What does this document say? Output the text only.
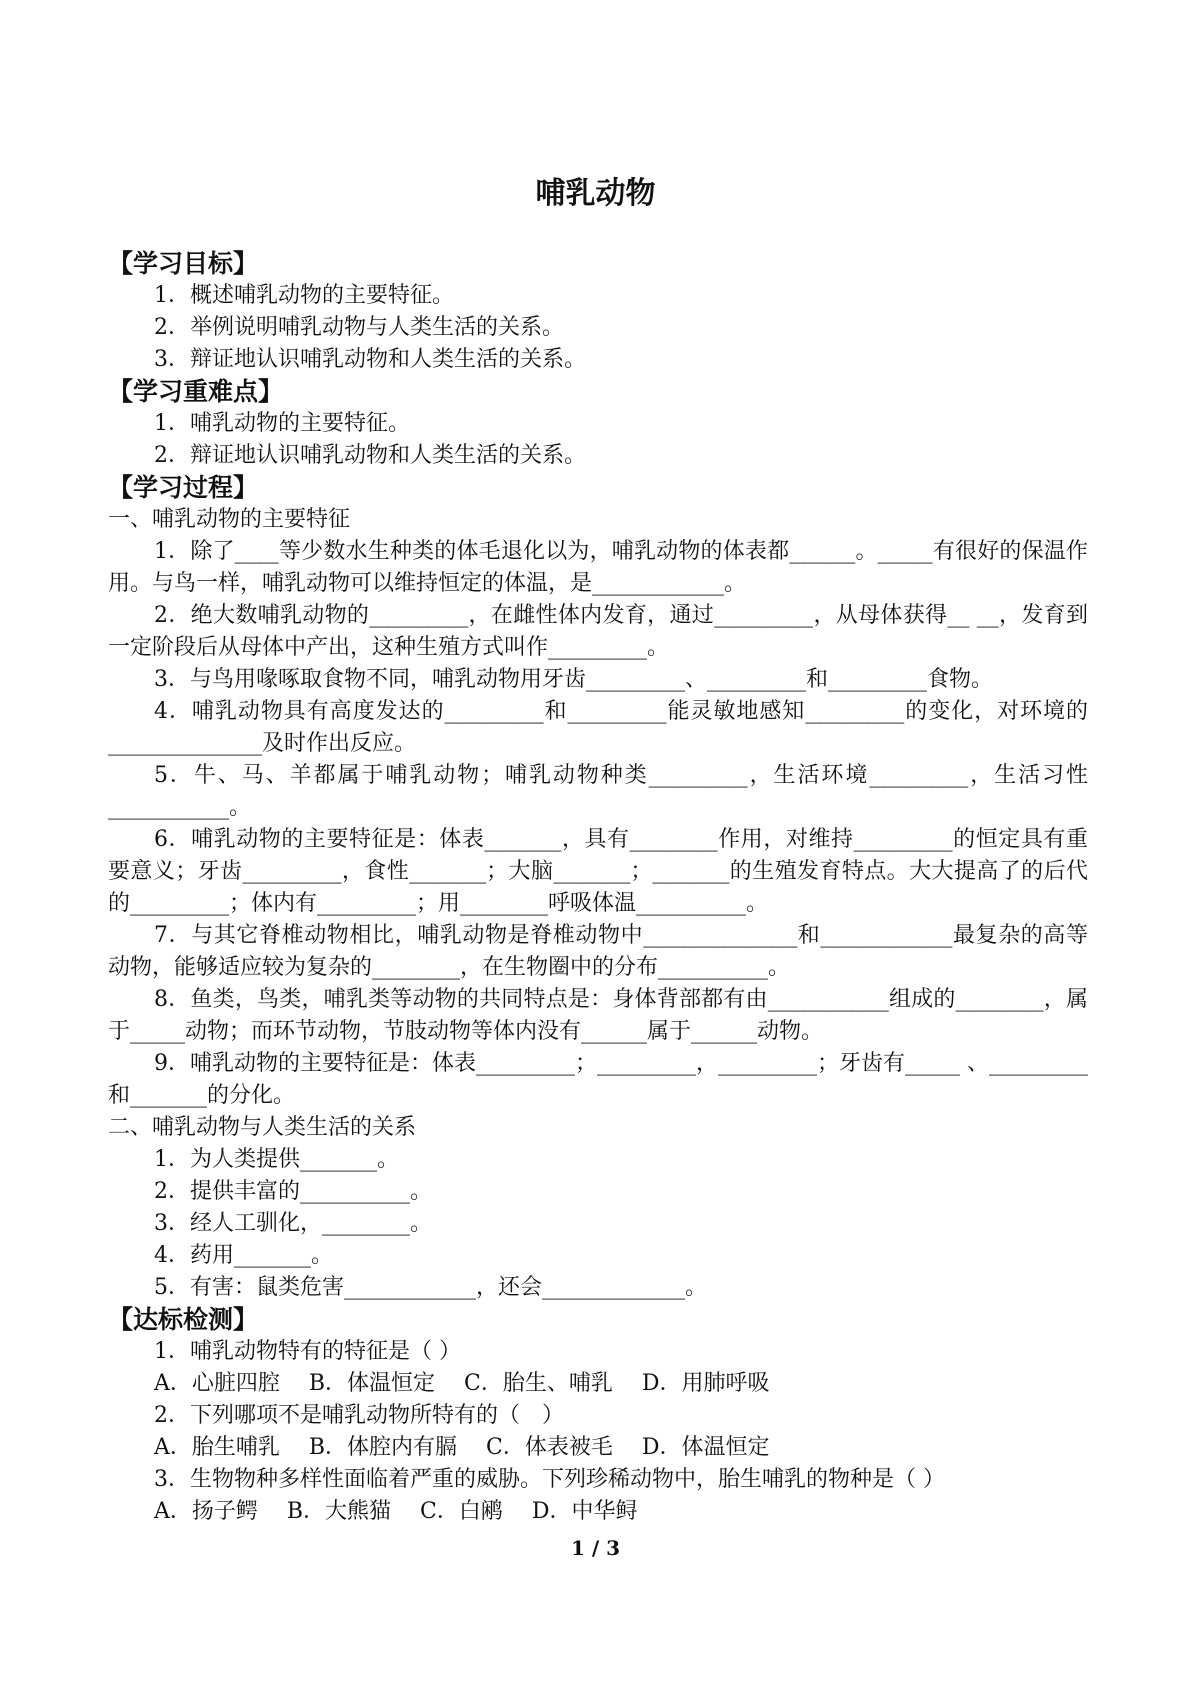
哺乳动物
【学习目标】
1．概述哺乳动物的主要特征。
2．举例说明哺乳动物与人类生活的关系。
3．辩证地认识哺乳动物和人类生活的关系。
【学习重难点】
1．哺乳动物的主要特征。
2．辩证地认识哺乳动物和人类生活的关系。
【学习过程】
一、哺乳动物的主要特征
1．除了____等少数水生种类的体毛退化以为，哺乳动物的体表都______。_____有很好的保温作用。与鸟一样，哺乳动物可以维持恒定的体温，是____________。
2．绝大数哺乳动物的_________，在雌性体内发育，通过_________，从母体获得__ __，发育到一定阶段后从母体中产出，这种生殖方式叫作_________。
3．与鸟用喙啄取食物不同，哺乳动物用牙齿_________、_________和_________食物。
4．哺乳动物具有高度发达的_________和_________能灵敏地感知_________的变化，对环境的______________及时作出反应。
5．牛、马、羊都属于哺乳动物；哺乳动物种类_________，生活环境_________，生活习性___________。
6．哺乳动物的主要特征是：体表_______，具有________作用，对维持_________的恒定具有重要意义；牙齿_________，食性_______；大脑_______；_______的生殖发育特点。大大提高了的后代的_________；体内有_________；用________呼吸体温__________。
7．与其它脊椎动物相比，哺乳动物是脊椎动物中______________和____________最复杂的高等动物，能够适应较为复杂的________，在生物圈中的分布__________。
8．鱼类，鸟类，哺乳类等动物的共同特点是：身体背部都有由___________组成的________，属于_____动物；而环节动物，节肢动物等体内没有______属于______动物。
9．哺乳动物的主要特征是：体表_________；_________，_________；牙齿有_____ 、_________和_______的分化。
二、哺乳动物与人类生活的关系
1．为人类提供_______。
2．提供丰富的__________。
3．经人工驯化，________。
4．药用_______。
5．有害：鼠类危害____________，还会_____________。
【达标检测】
1．哺乳动物特有的特征是（ ）
A．心脏四腔　 B．体温恒定　 C．胎生、哺乳　 D．用肺呼吸
2．下列哪项不是哺乳动物所特有的（　）
A．胎生哺乳　 B．体腔内有膈　 C．体表被毛　 D．体温恒定
3．生物物种多样性面临着严重的威胁。下列珍稀动物中，胎生哺乳的物种是（ ）
A．扬子鳄　 B．大熊猫　 C．白鹇　 D．中华鲟
1 / 3
